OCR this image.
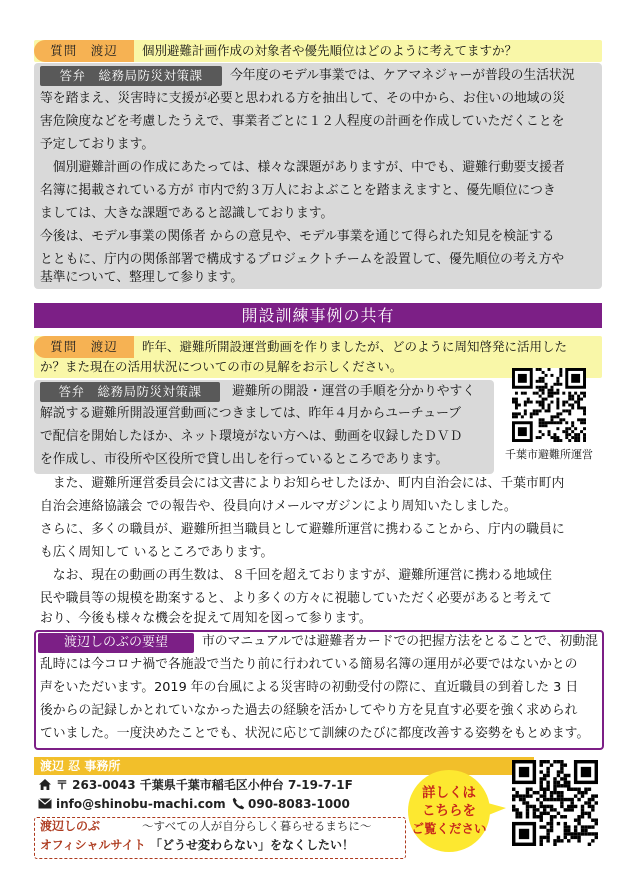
質問　渡辺	個別避難計画作成の対象者や優先順位はどのように考えてますか？
答弁　総務局防災対策課	今年度のモデル事業では、ケアマネジャーが普段の生活状況
等を踏まえ、災害時に支援が必要と思われる方を抽出して、その中から、お住いの地域の災
害危険度などを考慮したうえで、事業者ごとに１２人程度の計画を作成していただくことを
予定しております。
　個別避難計画の作成にあたっては、様々な課題がありますが、中でも、避難行動要支援者
名簿に掲載されている方が 市内で約３万人におよぶことを踏まえますと、優先順位につき
ましては、大きな課題であると認識しております。
今後は、モデル事業の関係者 からの意見や、モデル事業を通じて得られた知見を検証する
とともに、庁内の関係部署で構成するプロジェクトチームを設置して、優先順位の考え方や
基準について、整理して参ります。
開設訓練事例の共有
質問　渡辺	昨年、避難所開設運営動画を作りましたが、どのように周知啓発に活用した
か？また現在の活用状況についての市の見解をお示しください。
答弁　総務局防災対策課	避難所の開設・運営の手順を分かりやすく
解説する避難所開設運営動画につきましては、昨年４月からユーチューブ
で配信を開始したほか、ネット環境がない方へは、動画を収録したＤＶＤ
を作成し、市役所や区役所で貸し出しを行っているところであります。
　また、避難所運営委員会には文書によりお知らせしたほか、町内自治会には、千葉市町内
自治会連絡協議会 での報告や、役員向けメールマガジンにより周知いたしました。
さらに、多くの職員が、避難所担当職員として避難所運営に携わることから、庁内の職員に
も広く周知して いるところであります。
　なお、現在の動画の再生数は、８千回を超えておりますが、避難所運営に携わる地域住
民や職員等の規模を勘案すると、より多くの方々に視聴していただく必要があると考えて
おり、今後も様々な機会を捉えて周知を図って参ります。
千葉市避難所運営
渡辺しのぶの要望	市のマニュアルでは避難者カードでの把握方法をとることで、初動混
乱時には今コロナ禍で各施設で当たり前に行われている簡易名簿の運用が必要ではないかとの
声をいただいます。2019 年の台風による災害時の初動受付の際に、直近職員の到着した 3 日
後からの記録しかとれていなかった過去の経験を活かしてやり方を見直す必要を強く求められ
ていました。一度決めたことでも、状況に応じて訓練のたびに都度改善する姿勢をもとめます。
渡辺 忍 事務所
〒 263-0043 千葉県千葉市稲毛区小仲台 7-19-7-1F
info@shinobu-machi.com 090-8083-1000
渡辺しのぶ
オフィシャルサイト
～すべての人が自分らしく暮らせるまちに～
「どうせ変わらない」をなくしたい！
詳しくは
こちらを
ご覧ください
